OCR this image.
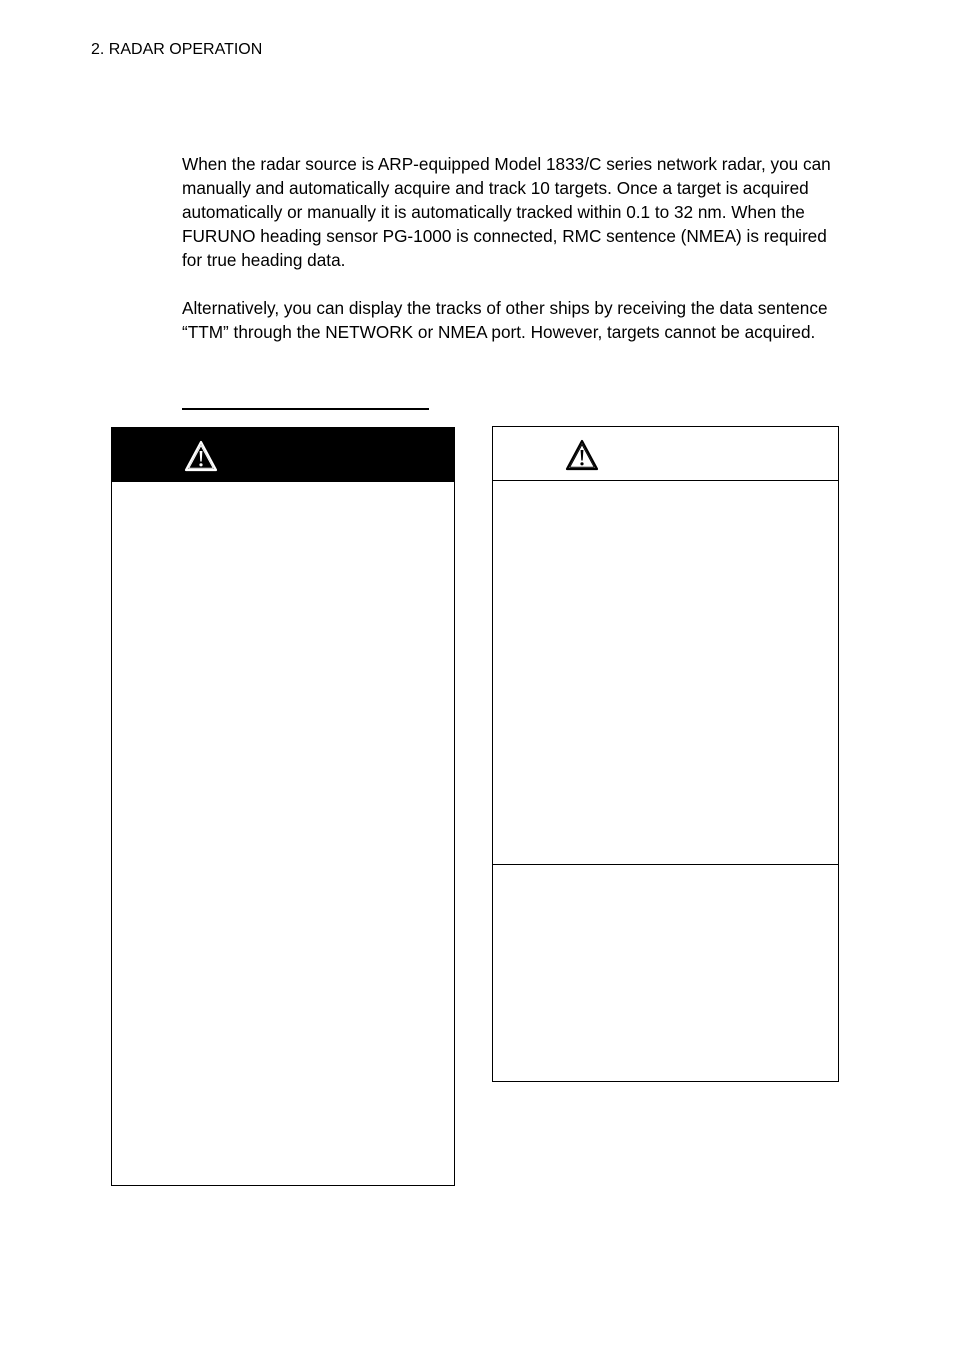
2. RADAR OPERATION

When the radar source is ARP-equipped Model 1833/C series network radar, you can manually and automatically acquire and track 10 targets. Once a target is acquired automatically or manually it is automatically tracked within 0.1 to 32 nm. When the FURUNO heading sensor PG-1000 is connected, RMC sentence (NMEA) is required for true heading data.

Alternatively, you can display the tracks of other ships by receiving the data sentence “TTM” through the NETWORK or NMEA port. However, targets cannot be acquired.
